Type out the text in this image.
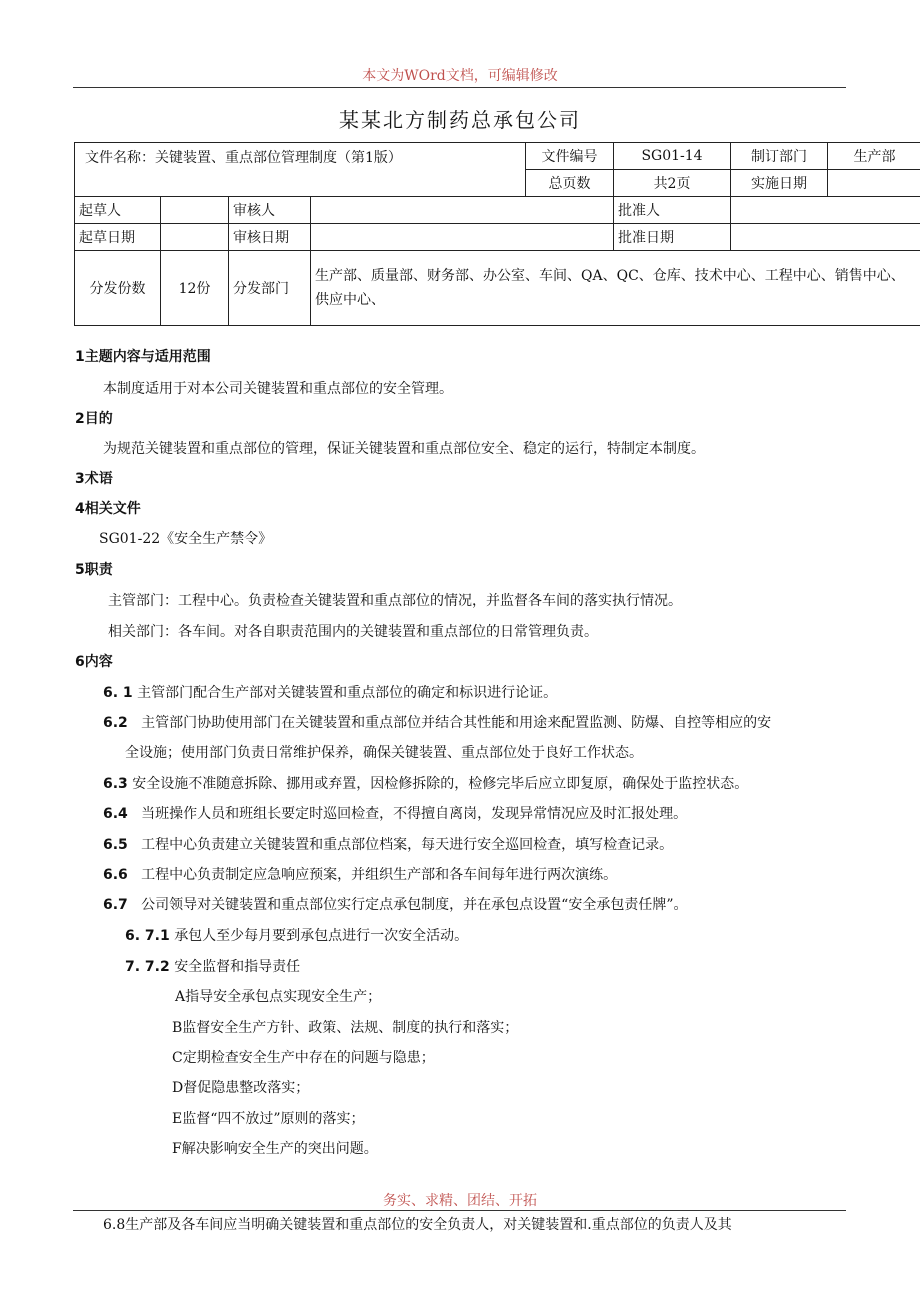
本文为WOrd文档，可编辑修改
某某北方制药总承包公司
文件名称：关键装置、重点部位管理制度（第1版）				文件编号	SG01-14	制订部门	生产部
				总页数	共2页	实施日期	
起草人		审核人			批准人		
起草日期		审核日期			批准日期		
分发份数	12份	分发部门	生产部、质量部、财务部、办公室、车间、QA、QC、仓库、技术中心、工程中心、销售中心、供应中心、				
1主题内容与适用范围
本制度适用于对本公司关键装置和重点部位的安全管理。
2目的
为规范关键装置和重点部位的管理，保证关键装置和重点部位安全、稳定的运行，特制定本制度。
3术语
4相关文件
SG01-22《安全生产禁令》
5职责
主管部门：工程中心。负责检查关键装置和重点部位的情况，并监督各车间的落实执行情况。
相关部门：各车间。对各自职责范围内的关键装置和重点部位的日常管理负责。
6内容
6. 1 主管部门配合生产部对关键装置和重点部位的确定和标识进行论证。
6.2 主管部门协助使用部门在关键装置和重点部位并结合其性能和用途来配置监测、防爆、自控等相应的安
全设施；使用部门负责日常维护保养，确保关键装置、重点部位处于良好工作状态。
6.3 安全设施不准随意拆除、挪用或弃置，因检修拆除的，检修完毕后应立即复原，确保处于监控状态。
6.4 当班操作人员和班组长要定时巡回检查，不得擅自离岗，发现异常情况应及时汇报处理。
6.5 工程中心负责建立关键装置和重点部位档案，每天进行安全巡回检查，填写检查记录。
6.6 工程中心负责制定应急响应预案，并组织生产部和各车间每年进行两次演练。
6.7 公司领导对关键装置和重点部位实行定点承包制度，并在承包点设置“安全承包责任牌”。
6. 7.1 承包人至少每月要到承包点进行一次安全活动。
7. 7.2 安全监督和指导责任
A指导安全承包点实现安全生产；
B监督安全生产方针、政策、法规、制度的执行和落实；
C定期检查安全生产中存在的问题与隐患；
D督促隐患整改落实；
E监督“四不放过”原则的落实；
F解决影响安全生产的突出问题。
务实、求精、团结、开拓
6.8生产部及各车间应当明确关键装置和重点部位的安全负责人，对关键装置和.重点部位的负责人及其
